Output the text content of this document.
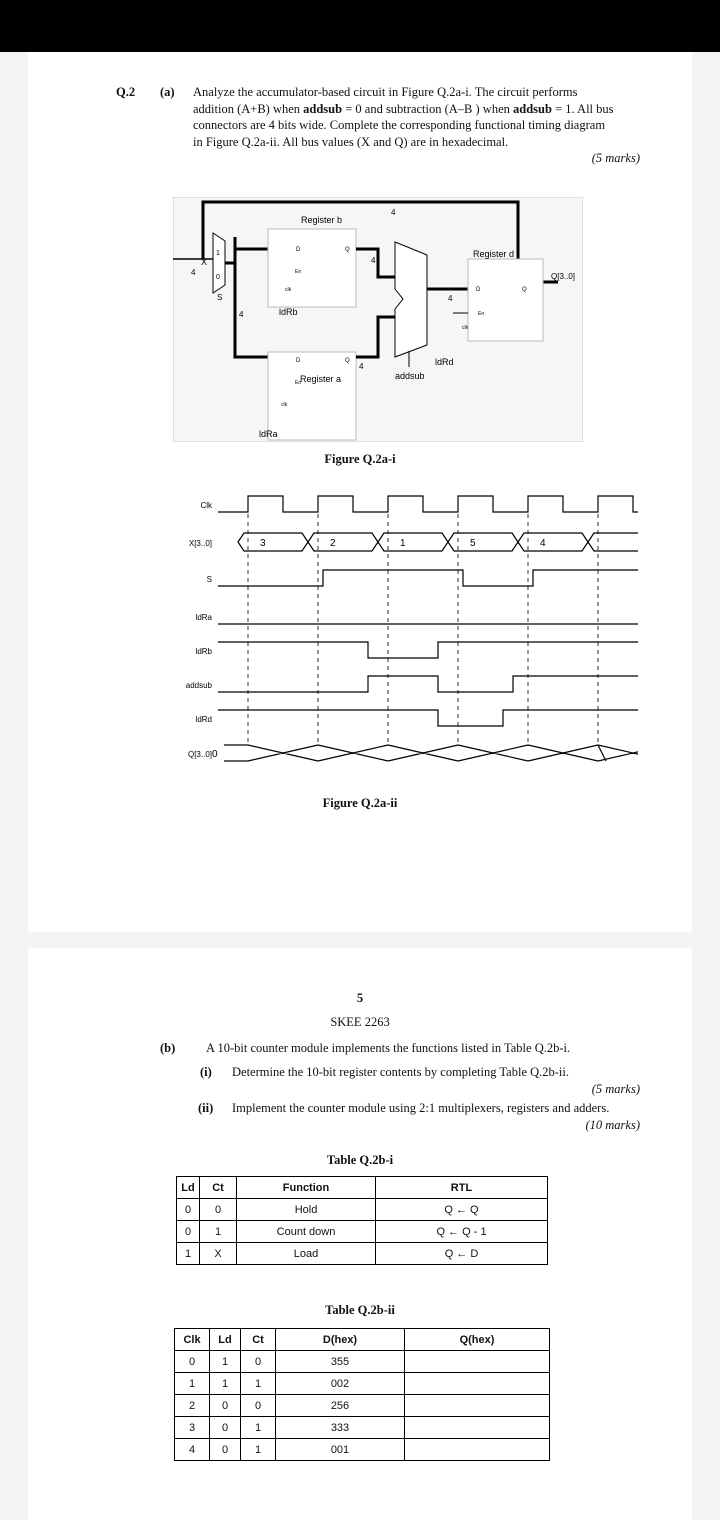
Q.2 (a) Analyze the accumulator-based circuit in Figure Q.2a-i. The circuit performs
addition (A+B) when addsub = 0 and subtraction (A–B ) when addsub = 1. All bus
connectors are 4 bits wide. Complete the corresponding functional timing diagram
in Figure Q.2a-ii. All bus values (X and Q) are in hexadecimal.
(5 marks)
1
0
Register b
D	Q
En
clk
Register a
D	Q
En
clk
Register d
D	Q
En
clk
X
4
S
4	ldRb
ldRa
ldRd
addsub
Q[3..0]
4
4
4
4
Figure Q.2a-i
Clk
X[3..0]
S
ldRa
ldRb
addsub
ldRd
Q[3..0]
3	2	1	5	4
0
Figure Q.2a-ii
5
SKEE 2263
(b) A 10-bit counter module implements the functions listed in Table Q.2b-i.
(i) Determine the 10-bit register contents by completing Table Q.2b-ii.
(5 marks)
(ii) Implement the counter module using 2:1 multiplexers, registers and adders.
(10 marks)
Table Q.2b-i
Ld	Ct	Function	RTL
0	0	Hold	Q ← Q
0	1	Count down	Q ← Q - 1
1	X	Load	Q ← D
Table Q.2b-ii
Clk	Ld	Ct	D(hex)	Q(hex)
0	1	0	355	
1	1	1	002	
2	0	0	256	
3	0	1	333	
4	0	1	001	
